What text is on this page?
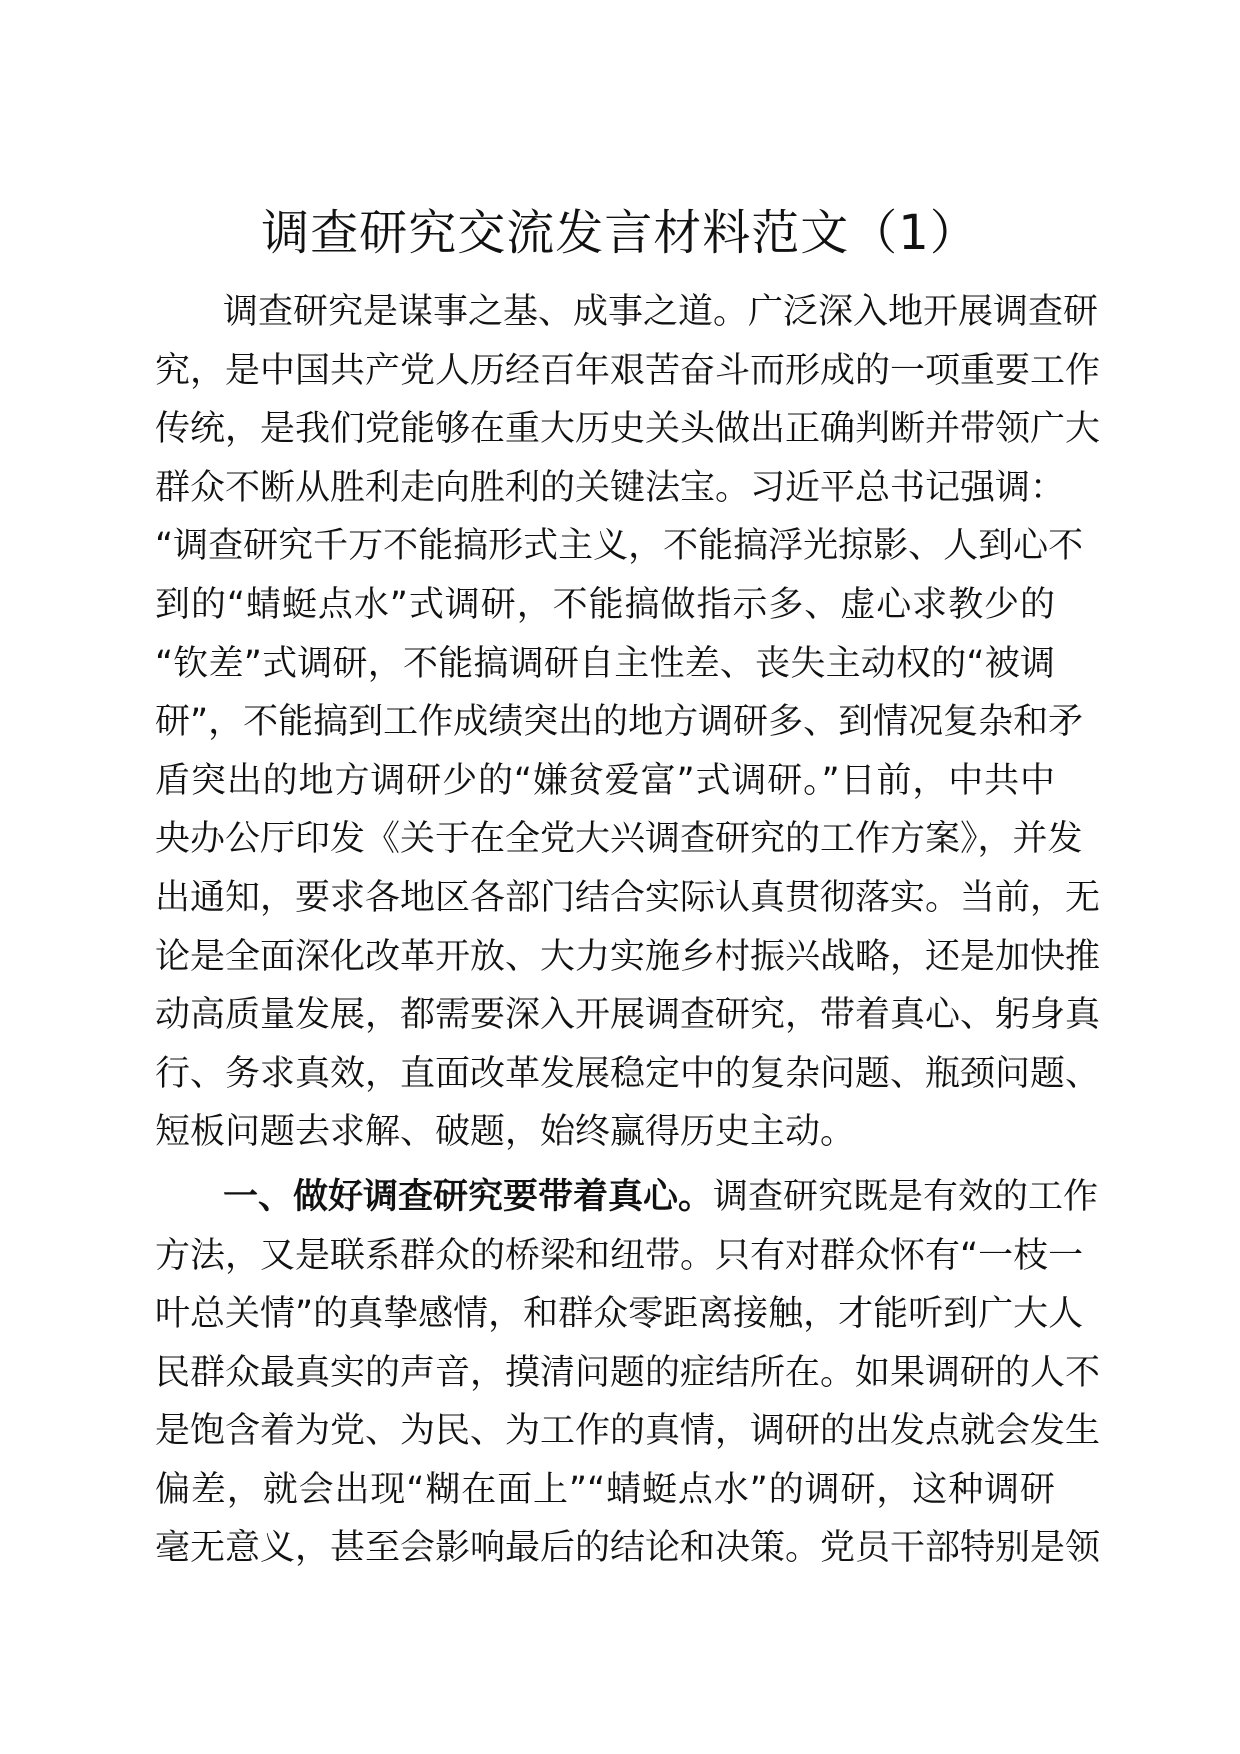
调查研究交流发言材料范文（1）
调查研究是谋事之基、成事之道。广泛深入地开展调查研
究，是中国共产党人历经百年艰苦奋斗而形成的一项重要工作
传统，是我们党能够在重大历史关头做出正确判断并带领广大
群众不断从胜利走向胜利的关键法宝。习近平总书记强调：
“调查研究千万不能搞形式主义，不能搞浮光掠影、人到心不
到的“蜻蜓点水”式调研，不能搞做指示多、虚心求教少的
“钦差”式调研，不能搞调研自主性差、丧失主动权的“被调
研”，不能搞到工作成绩突出的地方调研多、到情况复杂和矛
盾突出的地方调研少的“嫌贫爱富”式调研。”日前，中共中
央办公厅印发《关于在全党大兴调查研究的工作方案》，并发
出通知，要求各地区各部门结合实际认真贯彻落实。当前，无
论是全面深化改革开放、大力实施乡村振兴战略，还是加快推
动高质量发展，都需要深入开展调查研究，带着真心、躬身真
行、务求真效，直面改革发展稳定中的复杂问题、瓶颈问题、
短板问题去求解、破题，始终赢得历史主动。
一、做好调查研究要带着真心。调查研究既是有效的工作
方法，又是联系群众的桥梁和纽带。只有对群众怀有“一枝一
叶总关情”的真挚感情，和群众零距离接触，才能听到广大人
民群众最真实的声音，摸清问题的症结所在。如果调研的人不
是饱含着为党、为民、为工作的真情，调研的出发点就会发生
偏差，就会出现“糊在面上”“蜻蜓点水”的调研，这种调研
毫无意义，甚至会影响最后的结论和决策。党员干部特别是领
